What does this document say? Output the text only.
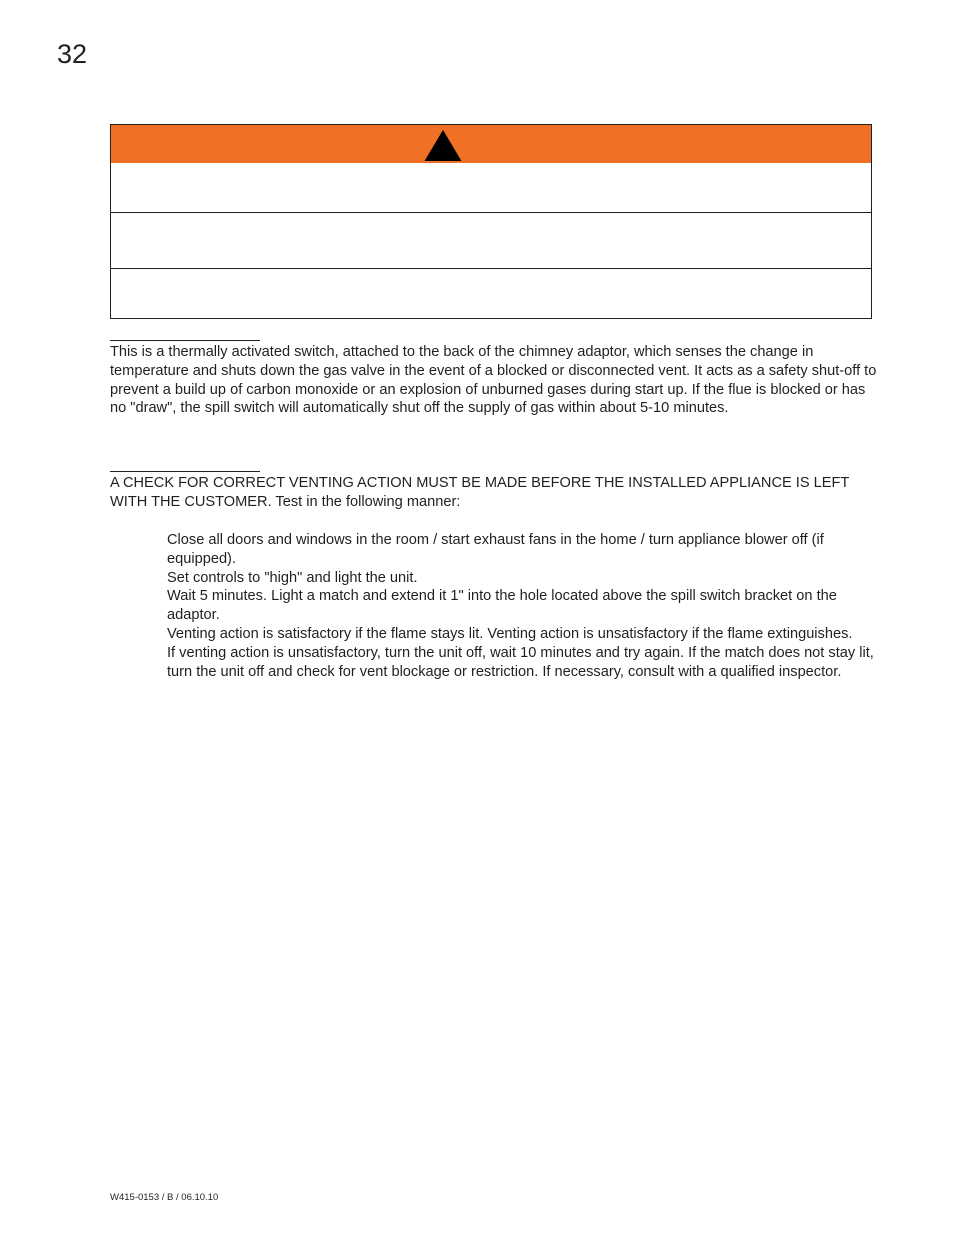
32

This is a thermally activated switch, attached to the back of the chimney adaptor, which senses the change in temperature and shuts down the gas valve in the event of a blocked or disconnected vent. It acts as a safety shut-off to prevent a build up of carbon monoxide or an explosion of unburned gases during start up. If the flue is blocked or has no "draw", the spill switch will automatically shut off the supply of gas within about 5-10 minutes.

A CHECK FOR CORRECT VENTING ACTION MUST BE MADE BEFORE THE INSTALLED APPLIANCE IS LEFT WITH THE CUSTOMER. Test in the following manner:

Close all doors and windows in the room / start exhaust fans in the home / turn appliance blower off (if equipped).
Set controls to "high" and light the unit.
Wait 5 minutes. Light a match and extend it 1" into the hole located above the spill switch bracket on the adaptor.
Venting action is satisfactory if the flame stays lit. Venting action is unsatisfactory if the flame extinguishes.
If venting action is unsatisfactory, turn the unit off, wait 10 minutes and try again. If the match does not stay lit, turn the unit off and check for vent blockage or restriction. If necessary, consult with a qualified inspector.
W415-0153 / B / 06.10.10
